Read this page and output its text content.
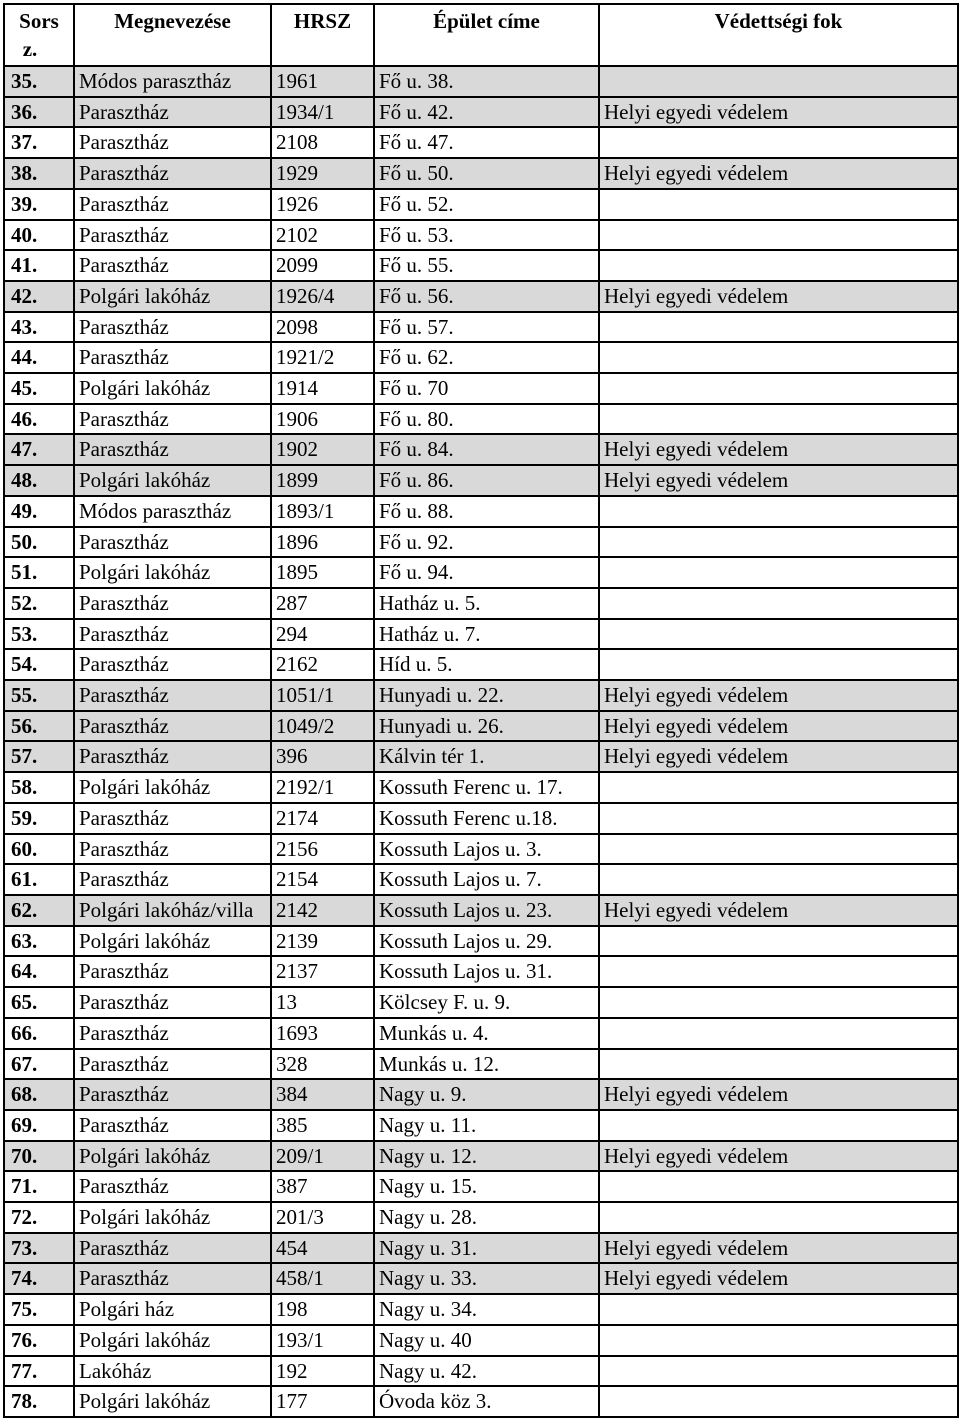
Sors
z.	Megnevezése	HRSZ	Épület címe	Védettségi fok
35.	Módos parasztház	1961	Fő u. 38.	
36.	Parasztház	1934/1	Fő u. 42.	Helyi egyedi védelem
37.	Parasztház	2108	Fő u. 47.	
38.	Parasztház	1929	Fő u. 50.	Helyi egyedi védelem
39.	Parasztház	1926	Fő u. 52.	
40.	Parasztház	2102	Fő u. 53.	
41.	Parasztház	2099	Fő u. 55.	
42.	Polgári lakóház	1926/4	Fő u. 56.	Helyi egyedi védelem
43.	Parasztház	2098	Fő u. 57.	
44.	Parasztház	1921/2	Fő u. 62.	
45.	Polgári lakóház	1914	Fő u. 70	
46.	Parasztház	1906	Fő u. 80.	
47.	Parasztház	1902	Fő u. 84.	Helyi egyedi védelem
48.	Polgári lakóház	1899	Fő u. 86.	Helyi egyedi védelem
49.	Módos parasztház	1893/1	Fő u. 88.	
50.	Parasztház	1896	Fő u. 92.	
51.	Polgári lakóház	1895	Fő u. 94.	
52.	Parasztház	287	Hatház u. 5.	
53.	Parasztház	294	Hatház u. 7.	
54.	Parasztház	2162	Híd u. 5.	
55.	Parasztház	1051/1	Hunyadi u. 22.	Helyi egyedi védelem
56.	Parasztház	1049/2	Hunyadi u. 26.	Helyi egyedi védelem
57.	Parasztház	396	Kálvin tér 1.	Helyi egyedi védelem
58.	Polgári lakóház	2192/1	Kossuth Ferenc u. 17.	
59.	Parasztház	2174	Kossuth Ferenc u.18.	
60.	Parasztház	2156	Kossuth Lajos u. 3.	
61.	Parasztház	2154	Kossuth Lajos u. 7.	
62.	Polgári lakóház/villa	2142	Kossuth Lajos u. 23.	Helyi egyedi védelem
63.	Polgári lakóház	2139	Kossuth Lajos u. 29.	
64.	Parasztház	2137	Kossuth Lajos u. 31.	
65.	Parasztház	13	Kölcsey F. u. 9.	
66.	Parasztház	1693	Munkás u. 4.	
67.	Parasztház	328	Munkás u. 12.	
68.	Parasztház	384	Nagy u. 9.	Helyi egyedi védelem
69.	Parasztház	385	Nagy u. 11.	
70.	Polgári lakóház	209/1	Nagy u. 12.	Helyi egyedi védelem
71.	Parasztház	387	Nagy u. 15.	
72.	Polgári lakóház	201/3	Nagy u. 28.	
73.	Parasztház	454	Nagy u. 31.	Helyi egyedi védelem
74.	Parasztház	458/1	Nagy u. 33.	Helyi egyedi védelem
75.	Polgári ház	198	Nagy u. 34.	
76.	Polgári lakóház	193/1	Nagy u. 40	
77.	Lakóház	192	Nagy u. 42.	
78.	Polgári lakóház	177	Óvoda köz 3.	
